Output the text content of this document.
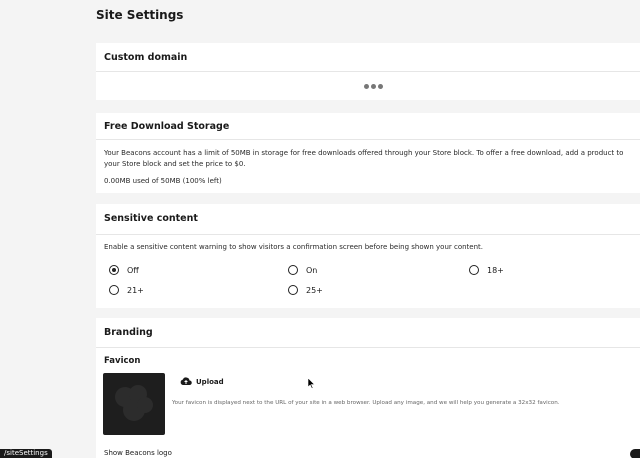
Site Settings
Custom domain
Free Download Storage
Your Beacons account has a limit of 50MB in storage for free downloads offered through your Store block. To offer a free download, add a product to your Store block and set the price to $0.
0.00MB used of 50MB (100% left)
Sensitive content
Enable a sensitive content warning to show visitors a confirmation screen before being shown your content.
Off	On	18+
21+	25+
Branding
Favicon
Upload
Your favicon is displayed next to the URL of your site in a web browser. Upload any image, and we will help you generate a 32x32 favicon.
Show Beacons logo
/siteSettings
